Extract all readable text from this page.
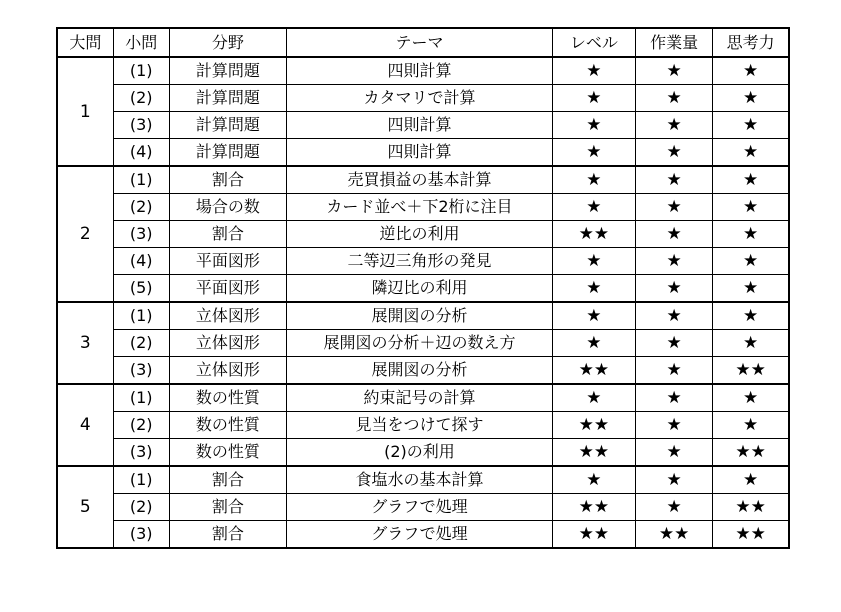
大問	小問	分野	テーマ	レベル	作業量	思考力
1	(1)	計算問題	四則計算	★	★	★
	(2)	計算問題	カタマリで計算	★	★	★
	(3)	計算問題	四則計算	★	★	★
	(4)	計算問題	四則計算	★	★	★
2	(1)	割合	売買損益の基本計算	★	★	★
	(2)	場合の数	カード並べ＋下2桁に注目	★	★	★
	(3)	割合	逆比の利用	★★	★	★
	(4)	平面図形	二等辺三角形の発見	★	★	★
	(5)	平面図形	隣辺比の利用	★	★	★
3	(1)	立体図形	展開図の分析	★	★	★
	(2)	立体図形	展開図の分析＋辺の数え方	★	★	★
	(3)	立体図形	展開図の分析	★★	★	★★
4	(1)	数の性質	約束記号の計算	★	★	★
	(2)	数の性質	見当をつけて探す	★★	★	★
	(3)	数の性質	(2)の利用	★★	★	★★
5	(1)	割合	食塩水の基本計算	★	★	★
	(2)	割合	グラフで処理	★★	★	★★
	(3)	割合	グラフで処理	★★	★★	★★
